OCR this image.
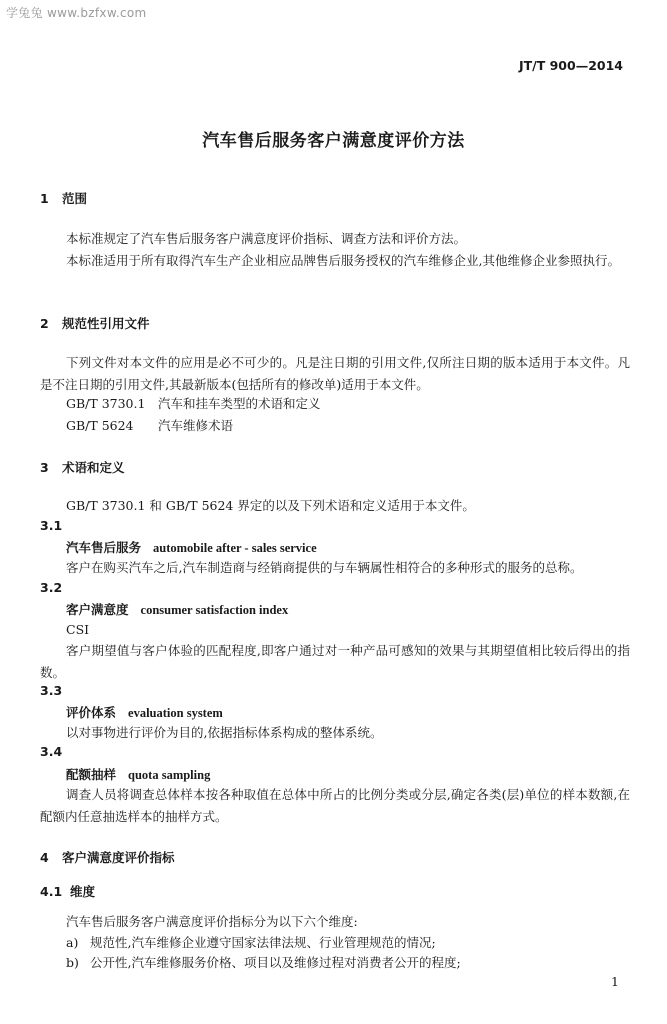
学兔兔 www.bzfxw.com
JT/T 900—2014
汽车售后服务客户满意度评价方法
1 范围
本标准规定了汽车售后服务客户满意度评价指标、调查方法和评价方法。
本标准适用于所有取得汽车生产企业相应品牌售后服务授权的汽车维修企业,其他维修企业参照执行。
2 规范性引用文件
下列文件对本文件的应用是必不可少的。凡是注日期的引用文件,仅所注日期的版本适用于本文件。凡是不注日期的引用文件,其最新版本(包括所有的修改单)适用于本文件。
GB/T 3730.1 汽车和挂车类型的术语和定义
GB/T 5624 汽车维修术语
3 术语和定义
GB/T 3730.1 和 GB/T 5624 界定的以及下列术语和定义适用于本文件。
3.1
汽车售后服务 automobile after - sales service
客户在购买汽车之后,汽车制造商与经销商提供的与车辆属性相符合的多种形式的服务的总称。
3.2
客户满意度 consumer satisfaction index
CSI
客户期望值与客户体验的匹配程度,即客户通过对一种产品可感知的效果与其期望值相比较后得出的指数。
3.3
评价体系 evaluation system
以对事物进行评价为目的,依据指标体系构成的整体系统。
3.4
配额抽样 quota sampling
调查人员将调查总体样本按各种取值在总体中所占的比例分类或分层,确定各类(层)单位的样本数额,在配额内任意抽选样本的抽样方式。
4 客户满意度评价指标
4.1 维度
汽车售后服务客户满意度评价指标分为以下六个维度:
a) 规范性,汽车维修企业遵守国家法律法规、行业管理规范的情况;
b) 公开性,汽车维修服务价格、项目以及维修过程对消费者公开的程度;
1
